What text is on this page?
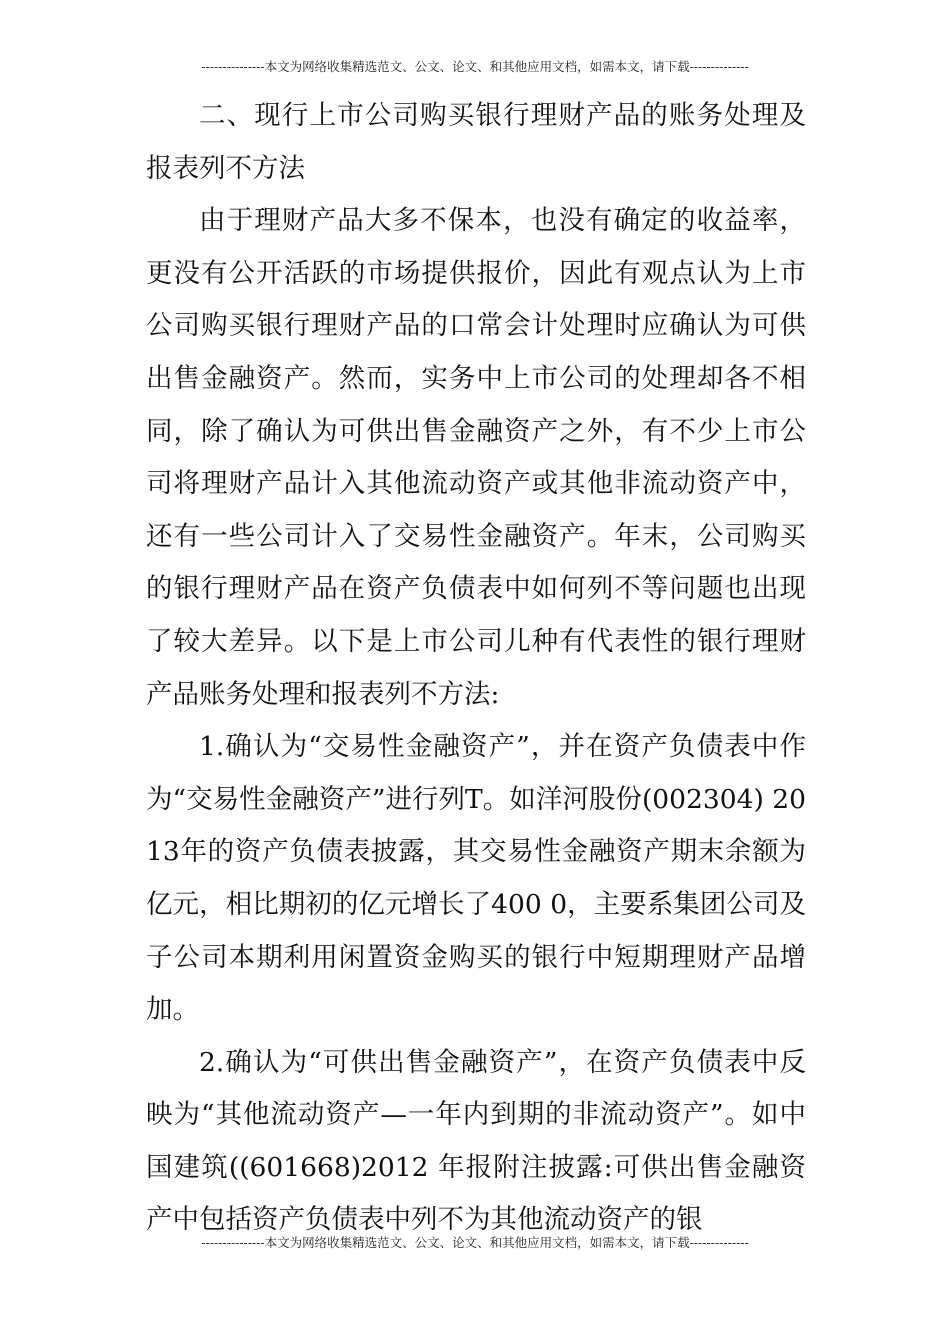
---------------本文为网络收集精选范文、公文、论文、和其他应用文档，如需本文，请下载--------------

二、现行上市公司购买银行理财产品的账务处理及报表列不方法

由于理财产品大多不保本，也没有确定的收益率，更没有公开活跃的市场提供报价，因此有观点认为上市公司购买银行理财产品的口常会计处理时应确认为可供出售金融资产。然而，实务中上市公司的处理却各不相同，除了确认为可供出售金融资产之外，有不少上市公司将理财产品计入其他流动资产或其他非流动资产中，还有一些公司计入了交易性金融资产。年末，公司购买的银行理财产品在资产负债表中如何列不等问题也出现了较大差异。以下是上市公司儿种有代表性的银行理财产品账务处理和报表列不方法:

1.确认为“交易性金融资产”，并在资产负债表中作为“交易性金融资产”进行列T。如洋河股份(002304) 2013年的资产负债表披露，其交易性金融资产期末余额为亿元，相比期初的亿元增长了400 0，主要系集团公司及子公司本期利用闲置资金购买的银行中短期理财产品增加。

2.确认为“可供出售金融资产”，在资产负债表中反映为“其他流动资产—一年内到期的非流动资产”。如中国建筑((601668)2012 年报附注披露:可供出售金融资产中包括资产负债表中列不为其他流动资产的银

---------------本文为网络收集精选范文、公文、论文、和其他应用文档，如需本文，请下载--------------
